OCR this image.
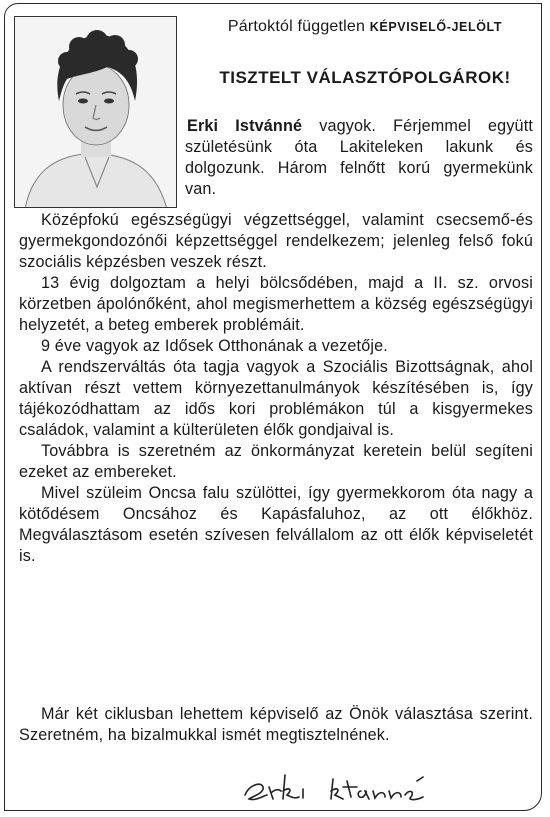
Pártoktól független KÉPVISELŐ-JELÖLT
TISZTELT VÁLASZTÓPOLGÁROK!

Erki Istvánné vagyok. Férjemmel együtt születésünk óta Lakiteleken lakunk és dolgozunk. Három felnőtt korú gyermekünk van.

Középfokú egészségügyi végzettséggel, valamint csecsemő-és gyermekgondozónői képzettséggel rendelkezem; jelenleg felső fokú szociális képzésben veszek részt.

13 évig dolgoztam a helyi bölcsődében, majd a II. sz. orvosi körzetben ápolónőként, ahol megismerhettem a község egészségügyi helyzetét, a beteg emberek problémáit.

9 éve vagyok az Idősek Otthonának a vezetője.

A rendszerváltás óta tagja vagyok a Szociális Bizottságnak, ahol aktívan részt vettem környezettanulmányok készítésében is, így tájékozódhattam az idős kori problémákon túl a kisgyermekes családok, valamint a külterületen élők gondjaival is.

Továbbra is szeretném az önkormányzat keretein belül segíteni ezeket az embereket.

Mivel szüleim Oncsa falu szülöttei, így gyermekkorom óta nagy a kötődésem Oncsához és Kapásfaluhoz, az ott élőkhöz. Megválasztásom esetén szívesen felvállalom az ott élők képviseletét is.

Már két ciklusban lehettem képviselő az Önök választása szerint. Szeretném, ha bizalmukkal ismét megtisztelnének.
